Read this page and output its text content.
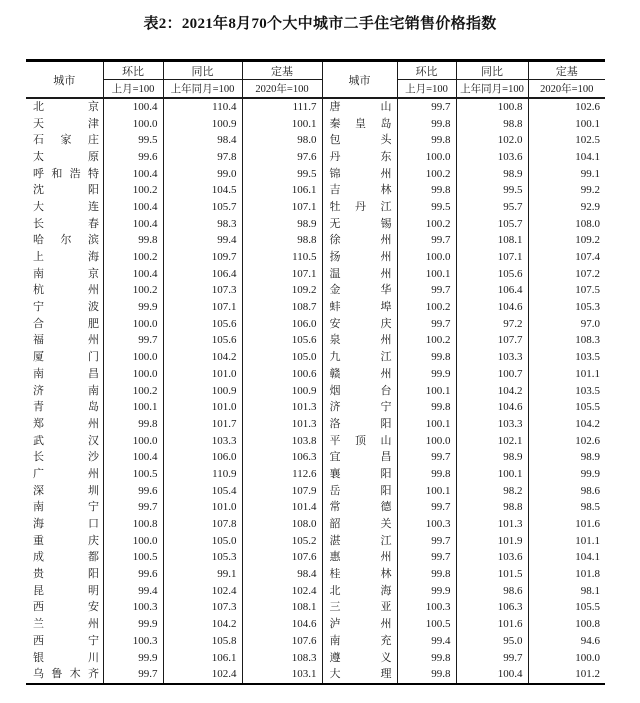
表2：2021年8月70个大中城市二手住宅销售价格指数
城市	环比	同比	定基	城市	环比	同比	定基
	上月=100	上年同月=100	2020年=100		上月=100	上年同月=100	2020年=100

北 京	100.4	110.4	111.7	唐 山	99.7	100.8	102.6

天 津	100.0	100.9	100.1	秦 皇 岛	99.8	98.8	100.1

石 家 庄	99.5	98.4	98.0	包 头	99.8	102.0	102.5

太 原	99.6	97.8	97.6	丹 东	100.0	103.6	104.1

呼 和 浩 特	100.4	99.0	99.5	锦 州	100.2	98.9	99.1

沈 阳	100.2	104.5	106.1	吉 林	99.8	99.5	99.2

大 连	100.4	105.7	107.1	牡 丹 江	99.5	95.7	92.9

长 春	100.4	98.3	98.9	无 锡	100.2	105.7	108.0

哈 尔 滨	99.8	99.4	98.8	徐 州	99.7	108.1	109.2

上 海	100.2	109.7	110.5	扬 州	100.0	107.1	107.4

南 京	100.4	106.4	107.1	温 州	100.1	105.6	107.2

杭 州	100.2	107.3	109.2	金 华	99.7	106.4	107.5

宁 波	99.9	107.1	108.7	蚌 埠	100.2	104.6	105.3

合 肥	100.0	105.6	106.0	安 庆	99.7	97.2	97.0

福 州	99.7	105.6	105.6	泉 州	100.2	107.7	108.3

厦 门	100.0	104.2	105.0	九 江	99.8	103.3	103.5

南 昌	100.0	101.0	100.6	赣 州	99.9	100.7	101.1

济 南	100.2	100.9	100.9	烟 台	100.1	104.2	103.5

青 岛	100.1	101.0	101.3	济 宁	99.8	104.6	105.5

郑 州	99.8	101.7	101.3	洛 阳	100.1	103.3	104.2

武 汉	100.0	103.3	103.8	平 顶 山	100.0	102.1	102.6

长 沙	100.4	106.0	106.3	宜 昌	99.7	98.9	98.9

广 州	100.5	110.9	112.6	襄 阳	99.8	100.1	99.9

深 圳	99.6	105.4	107.9	岳 阳	100.1	98.2	98.6

南 宁	99.7	101.0	101.4	常 德	99.7	98.8	98.5

海 口	100.8	107.8	108.0	韶 关	100.3	101.3	101.6

重 庆	100.0	105.0	105.2	湛 江	99.7	101.9	101.1

成 都	100.5	105.3	107.6	惠 州	99.7	103.6	104.1

贵 阳	99.6	99.1	98.4	桂 林	99.8	101.5	101.8

昆 明	99.4	102.4	102.4	北 海	99.9	98.6	98.1

西 安	100.3	107.3	108.1	三 亚	100.3	106.3	105.5

兰 州	99.9	104.2	104.6	泸 州	100.5	101.6	100.8

西 宁	100.3	105.8	107.6	南 充	99.4	95.0	94.6

银 川	99.9	106.1	108.3	遵 义	99.8	99.7	100.0

乌 鲁 木 齐	99.7	102.4	103.1	大 理	99.8	100.4	101.2
